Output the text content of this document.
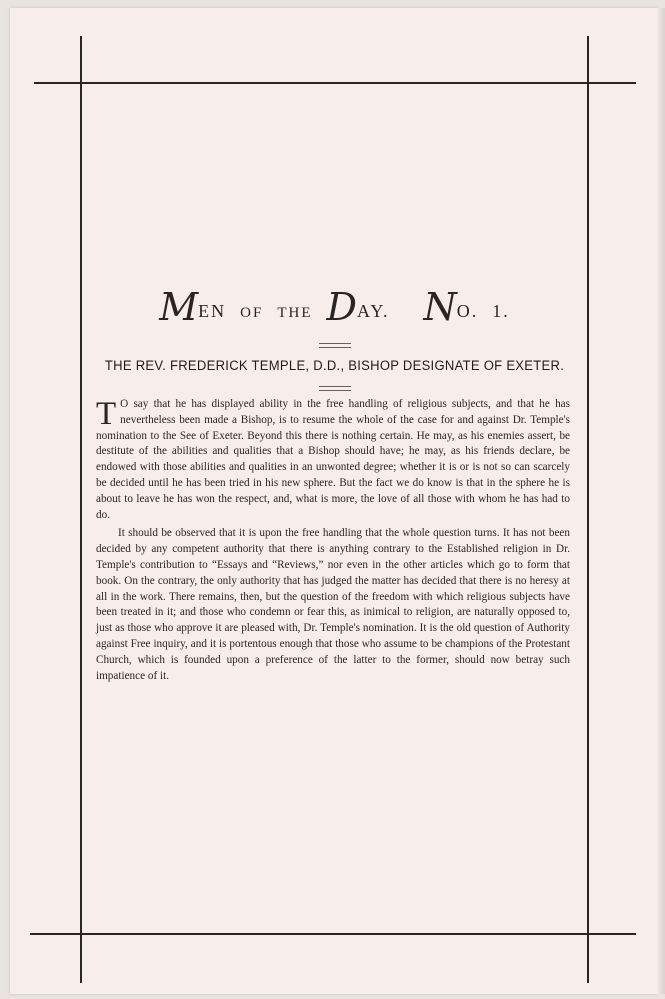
MEN OF THE DAY. NO. 1.
THE REV. FREDERICK TEMPLE, D.D., BISHOP DESIGNATE OF EXETER.

T O say that he has displayed ability in the free handling of religious subjects, and that he has nevertheless been made a Bishop, is to resume the whole of the case for and against Dr. Temple's nomination to the See of Exeter. Beyond this there is nothing certain. He may, as his enemies assert, be destitute of the abilities and qualities that a Bishop should have; he may, as his friends declare, be endowed with those abilities and qualities in an unwonted degree; whether it is or is not so can scarcely be decided until he has been tried in his new sphere. But the fact we do know is that in the sphere he is about to leave he has won the respect, and, what is more, the love of all those with whom he has had to do.

It should be observed that it is upon the free handling that the whole question turns. It has not been decided by any competent authority that there is anything contrary to the Established religion in Dr. Temple's contribution to “Essays and “Reviews,” nor even in the other articles which go to form that book. On the contrary, the only authority that has judged the matter has decided that there is no heresy at all in the work. There remains, then, but the question of the freedom with which religious subjects have been treated in it; and those who condemn or fear this, as inimical to religion, are naturally opposed to, just as those who approve it are pleased with, Dr. Temple's nomination. It is the old question of Authority against Free inquiry, and it is portentous enough that those who assume to be champions of the Protestant Church, which is founded upon a preference of the latter to the former, should now betray such impatience of it.
